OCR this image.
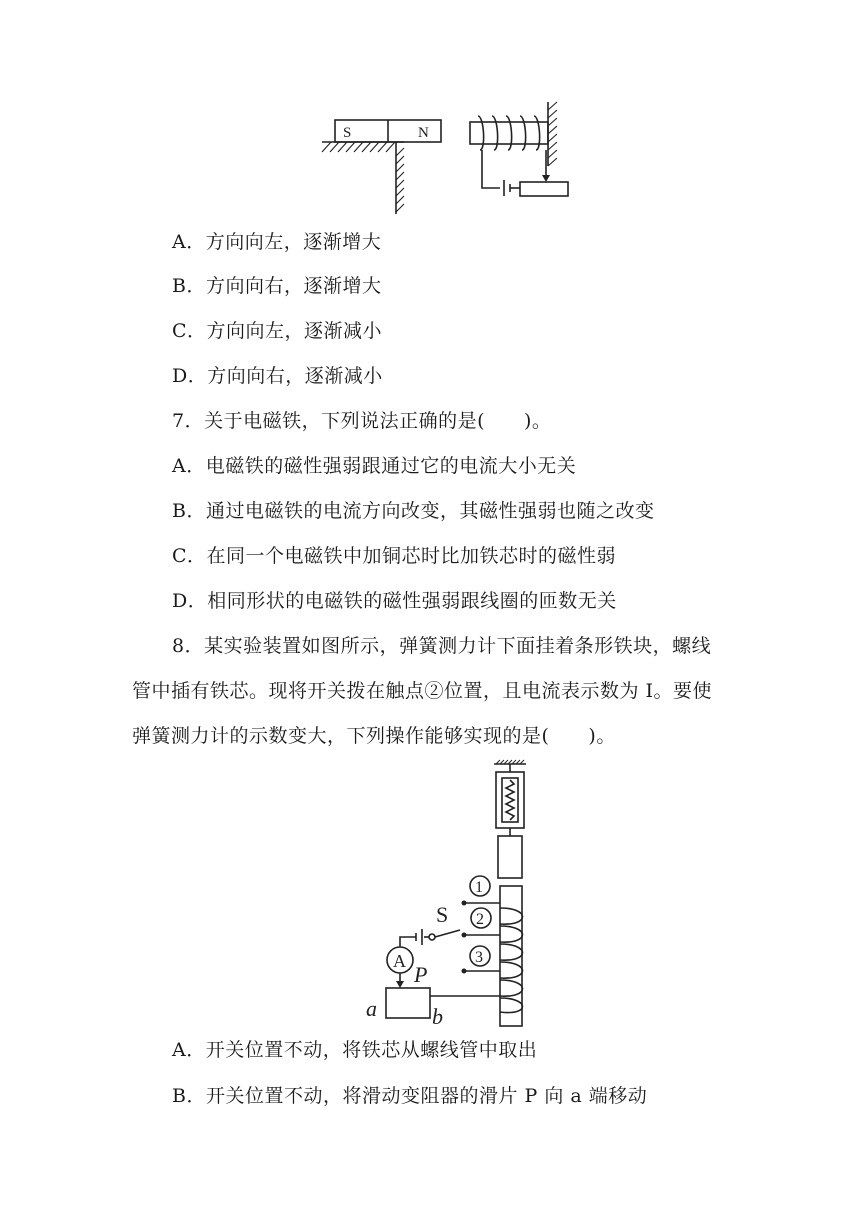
S	N
A．方向向左，逐渐增大
B．方向向右，逐渐增大
C．方向向左，逐渐减小
D．方向向右，逐渐减小
7．关于电磁铁，下列说法正确的是(　　)。
A．电磁铁的磁性强弱跟通过它的电流大小无关
B．通过电磁铁的电流方向改变，其磁性强弱也随之改变
C．在同一个电磁铁中加铜芯时比加铁芯时的磁性弱
D．相同形状的电磁铁的磁性强弱跟线圈的匝数无关
8．某实验装置如图所示，弹簧测力计下面挂着条形铁块，螺线
管中插有铁芯。现将开关拨在触点②位置，且电流表示数为 I。要使
弹簧测力计的示数变大，下列操作能够实现的是(　　)。
1
2
3
S
A
P
a	b
A．开关位置不动，将铁芯从螺线管中取出
B．开关位置不动，将滑动变阻器的滑片 P 向 a 端移动
